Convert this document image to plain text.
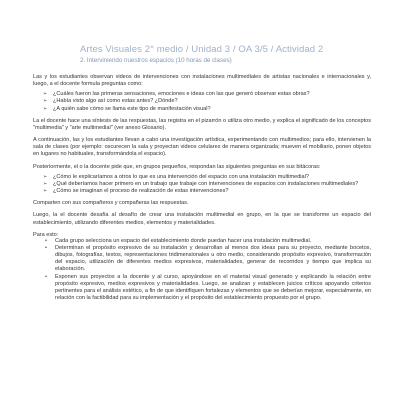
Artes Visuales 2° medio / Unidad 3 / OA 3/5 / Actividad 2
2. Interviniendo nuestros espacios (10 horas de clases)

Las y los estudiantes observan videos de intervenciones con instalaciones multimediales de artistas nacionales e internacionales y, luego, a el docente formula preguntas como:

➢ ¿Cuáles fueron las primeras sensaciones, emociones e ideas con las que generó observar estas obras?
➢ ¿Había visto algo así como estas antes? ¿Dónde?
➢ ¿A quién sabe cómo se llama este tipo de manifestación visual?

La el docente hace una síntesis de las respuestas, las registra en el pizarrón o utiliza otro medio, y explica el significado de los conceptos "multimedia" y "arte multimedial" (ver anexo Glosario).

A continuación, las y los estudiantes llevan a cabo una investigación artística, experimentando con multimedios; para ello, intervienen la sala de clases (por ejemplo: oscurecen la sala y proyectan videos celulares de manera organizada; mueven el mobiliario, ponen objetos en lugares no habituales, transformándola el espacio).

Posteriormente, el o la docente pide que, en grupos pequeños, respondan las siguientes preguntas en sus bitácoras:

➢ ¿Cómo le explicaríamos a otros lo que es una intervención del espacio con una instalación multimedial?
➢ ¿Qué deberíamos hacer primero en un trabajo que trabaje con intervenciones de espacios con instalaciones multimediales?
➢ ¿Cómo se imaginan el proceso de realización de estas intervenciones?

Comparten con sus compañeros y compañeras las respuestas.

Luego, la el docente desafía al desafío de crear una instalación multimedial en grupo, en la que se transforme un espacio del establecimiento, utilizando diferentes medios, elementos y materialidades.

Para esto:

• Cada grupo selecciona un espacio del establecimiento donde puedan hacer una instalación multimedial.
• Determinan el propósito expresivo de su instalación y desarrollan al menos dos ideas para su proyecto, mediante bocetos, dibujos, fotografías, textos, representaciones tridimensionales u otro medio, considerando propósito expresivo, transformación del espacio, utilización de diferentes medios expresivos, materialidades, generar de recorridos y tiempo que implica su elaboración.
• Exponen sus proyectos a la docente y al curso, apoyándose en el material visual generado y explicando la relación entre propósito expresivo, medios expresivos y materialidades. Luego, se analizan y establecen juicios críticos apoyando criterios pertinentes para el análisis estético, a fin de que identifiquen fortalezas y elementos que se deberían mejorar, especialmente, en relación con la factibilidad para su implementación y el propósito del establecimiento propuesto por el grupo.
